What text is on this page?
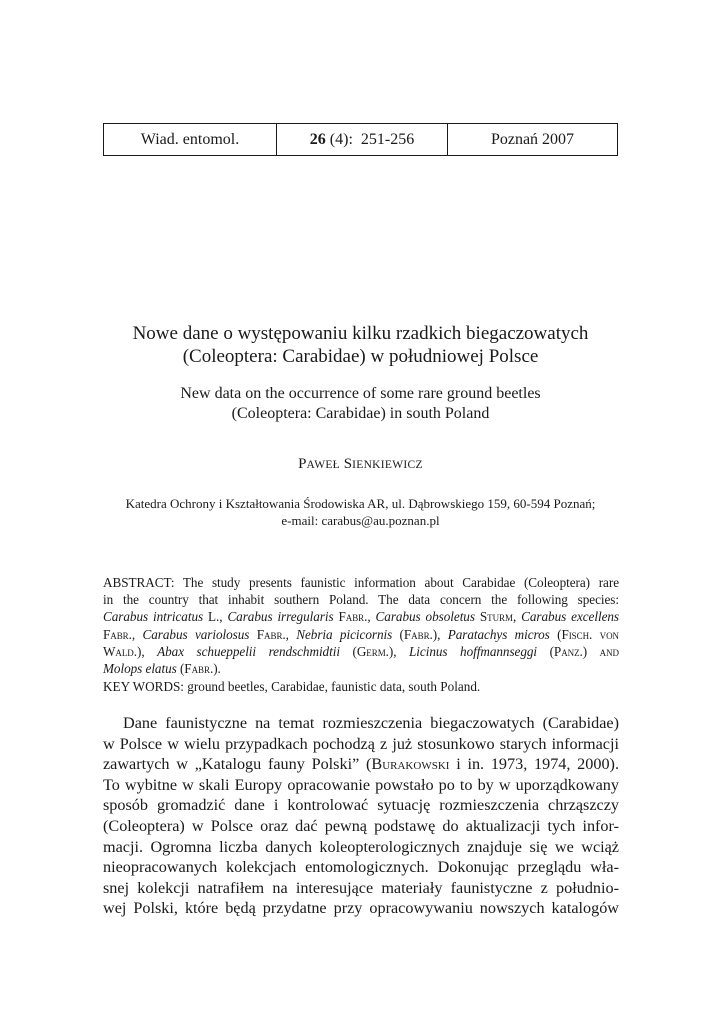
Wiad. entomol.	26 (4):  251-256	Poznań 2007
Nowe dane o występowaniu kilku rzadkich biegaczowatych
(Coleoptera: Carabidae) w południowej Polsce
New data on the occurrence of some rare ground beetles
(Coleoptera: Carabidae) in south Poland
PAWEŁ SIENKIEWICZ
Katedra Ochrony i Kształtowania Środowiska AR, ul. Dąbrowskiego 159, 60-594 Poznań;
e-mail: carabus@au.poznan.pl
ABSTRACT: The study presents faunistic information about Carabidae (Coleoptera) rare
in the country that inhabit southern Poland. The data concern the following species:
Carabus intricatus L., Carabus irregularis Fabr., Carabus obsoletus Sturm, Carabus excellens
Fabr., Carabus variolosus Fabr., Nebria picicornis (Fabr.), Paratachys micros (Fisch. von
Wald.), Abax schueppelii rendschmidtii (Germ.), Licinus hoffmannseggi (Panz.) and
Molops elatus (Fabr.).
KEY WORDS: ground beetles, Carabidae, faunistic data, south Poland.
Dane faunistyczne na temat rozmieszczenia biegaczowatych (Carabidae)
w Polsce w wielu przypadkach pochodzą z już stosunkowo starych informacji
zawartych w „Katalogu fauny Polski” (Burakowski i in. 1973, 1974, 2000).
To wybitne w skali Europy opracowanie powstało po to by w uporządkowany
sposób gromadzić dane i kontrolować sytuację rozmieszczenia chrząszczy
(Coleoptera) w Polsce oraz dać pewną podstawę do aktualizacji tych infor-
macji. Ogromna liczba danych koleopterologicznych znajduje się we wciąż
nieopracowanych kolekcjach entomologicznych. Dokonując przeglądu wła-
snej kolekcji natrafiłem na interesujące materiały faunistyczne z południo-
wej Polski, które będą przydatne przy opracowywaniu nowszych katalogów
